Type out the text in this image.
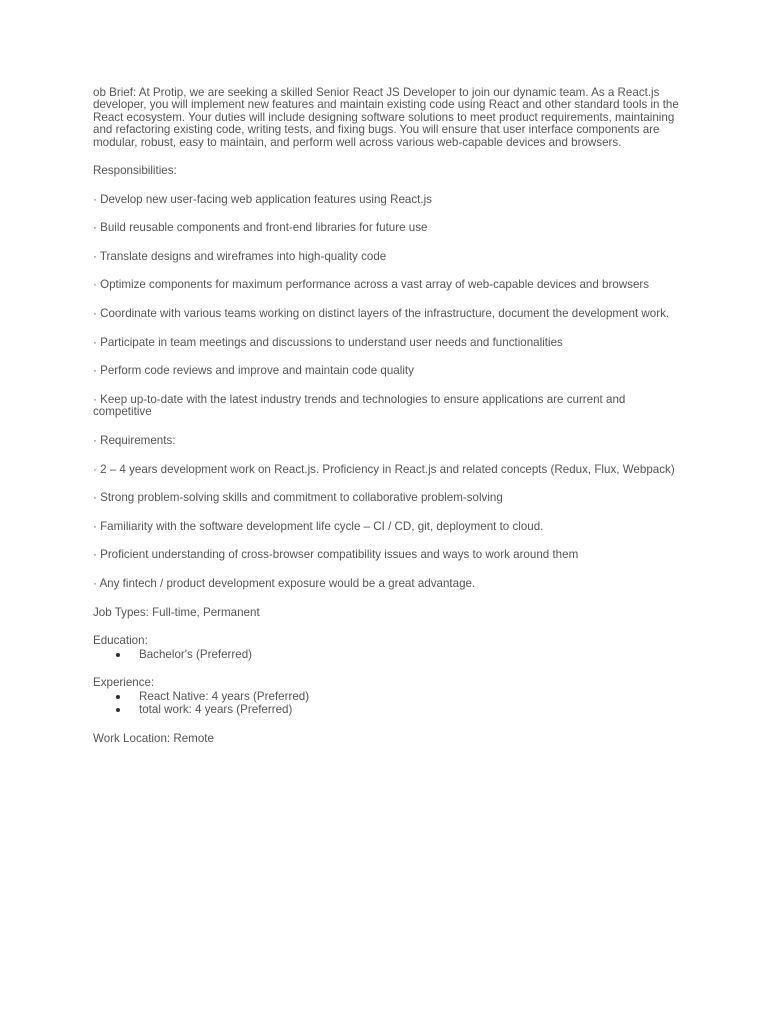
ob Brief: At Protip, we are seeking a skilled Senior React JS Developer to join our dynamic team. As a React.js developer, you will implement new features and maintain existing code using React and other standard tools in the React ecosystem. Your duties will include designing software solutions to meet product requirements, maintaining and refactoring existing code, writing tests, and fixing bugs. You will ensure that user interface components are modular, robust, easy to maintain, and perform well across various web-capable devices and browsers.

Responsibilities:

· Develop new user-facing web application features using React.js

· Build reusable components and front-end libraries for future use

· Translate designs and wireframes into high-quality code

· Optimize components for maximum performance across a vast array of web-capable devices and browsers

· Coordinate with various teams working on distinct layers of the infrastructure, document the development work.

· Participate in team meetings and discussions to understand user needs and functionalities

· Perform code reviews and improve and maintain code quality

· Keep up-to-date with the latest industry trends and technologies to ensure applications are current and competitive

· Requirements:

· 2 – 4 years development work on React.js. Proficiency in React.js and related concepts (Redux, Flux, Webpack)

· Strong problem-solving skills and commitment to collaborative problem-solving

· Familiarity with the software development life cycle – CI / CD, git, deployment to cloud.

· Proficient understanding of cross-browser compatibility issues and ways to work around them

· Any fintech / product development exposure would be a great advantage.

Job Types: Full-time, Permanent

Education:

Bachelor's (Preferred)

Experience:

React Native: 4 years (Preferred)
total work: 4 years (Preferred)

Work Location: Remote
